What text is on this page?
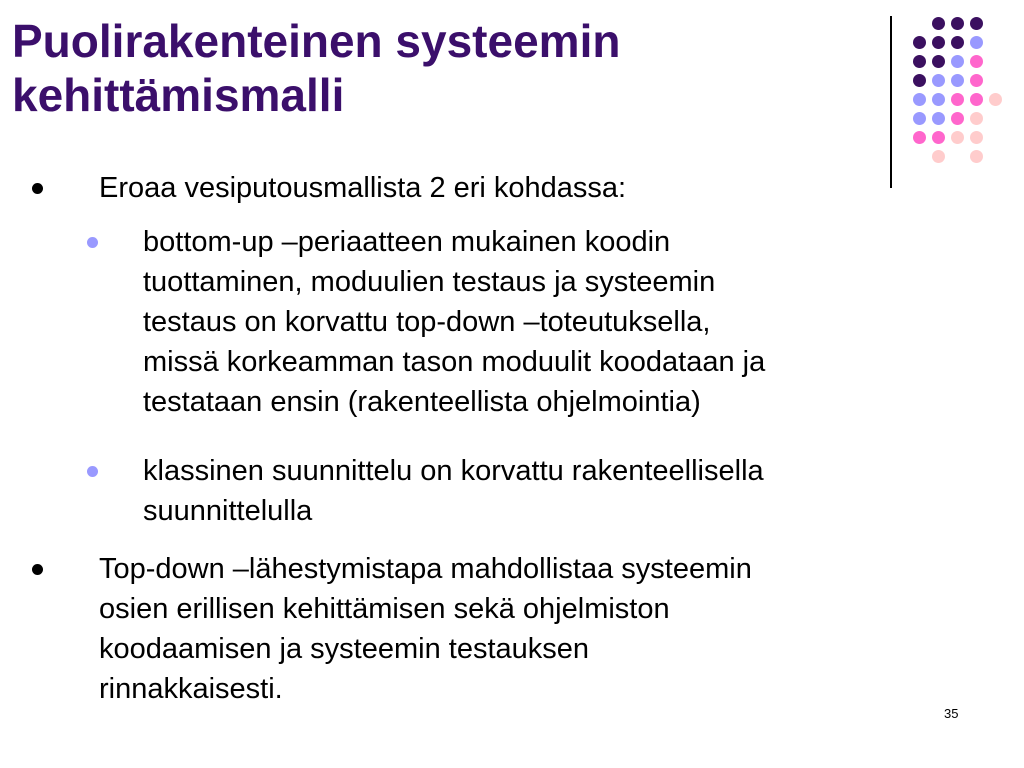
Puolirakenteinen systeemin
kehittämismalli
Eroaa vesiputousmallista 2 eri kohdassa:
bottom-up –periaatteen mukainen koodin
tuottaminen, moduulien testaus ja systeemin
testaus on korvattu top-down –toteutuksella,
missä korkeamman tason moduulit koodataan ja
testataan ensin (rakenteellista ohjelmointia)
klassinen suunnittelu on korvattu rakenteellisella
suunnittelulla
Top-down –lähestymistapa mahdollistaa systeemin
osien erillisen kehittämisen sekä ohjelmiston
koodaamisen ja systeemin testauksen
rinnakkaisesti.
35
